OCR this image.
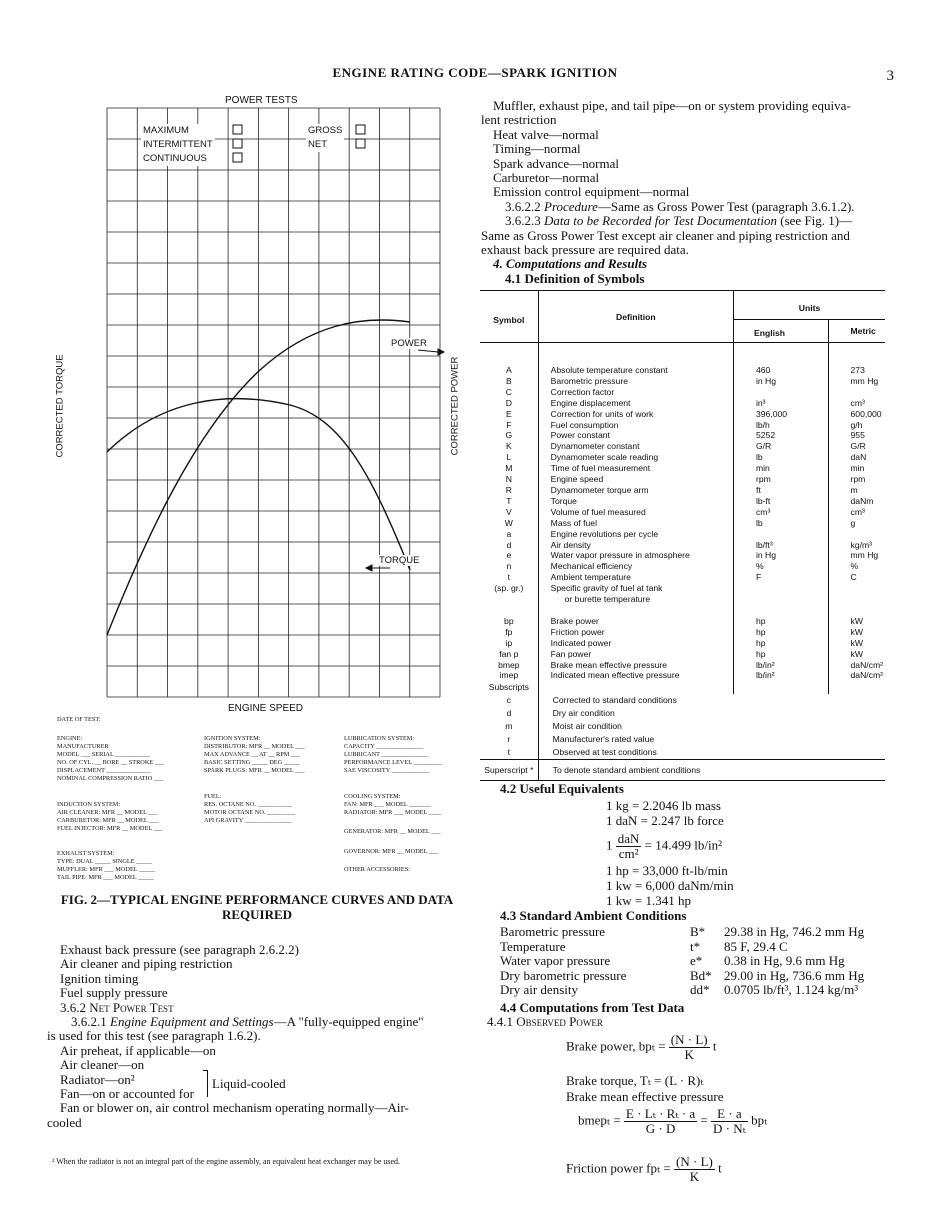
ENGINE RATING CODE—SPARK IGNITION	3
POWER TESTS
MAXIMUM
INTERMITTENT
CONTINUOUS
GROSS
NET
CORRECTED TORQUE	CORRECTED POWER
ENGINE SPEED
POWER
TORQUE
DATE OF TEST:
ENGINE:
MANUFACTURER
MODEL ___ SERIAL ___________
NO. OF CYL. __ BORE __ STROKE ___
DISPLACEMENT ______________
NOMINAL COMPRESSION RATIO ___
IGNITION SYSTEM:
DISTRIBUTOR: MFR __ MODEL ___
MAX ADVANCE __ AT __ RPM ___
BASIC SETTING _____ DEG _____
SPARK PLUGS: MFR __ MODEL ___
LUBRICATION SYSTEM:
CAPACITY _______________
LUBRICANT _______________
PERFORMANCE LEVEL _________
SAE VISCOSITY ____________
FUEL:
RES. OCTANE NO. ___________
MOTOR OCTANE NO. _________
API GRAVITY _______________
INDUCTION SYSTEM:
AIR CLEANER: MFR __ MODEL ___
CARBURETOR: MFR __ MODEL ___
FUEL INJECTOR: MFR __ MODEL ___
COOLING SYSTEM:
FAN: MFR ___ MODEL _______
RADIATOR: MFR ___ MODEL ____
GENERATOR: MFR __ MODEL ___
EXHAUST SYSTEM:
TYPE: DUAL _____ SINGLE _____
MUFFLER: MFR ___ MODEL _____
TAIL PIPE: MFR ___ MODEL _____
GOVERNOR: MFR __ MODEL ___
OTHER ACCESSORIES:
FIG. 2—TYPICAL ENGINE PERFORMANCE CURVES AND DATA
REQUIRED
Exhaust back pressure (see paragraph 2.6.2.2)
Air cleaner and piping restriction
Ignition timing
Fuel supply pressure
3.6.2 Net Power Test
3.6.2.1 Engine Equipment and Settings—A "fully-equipped engine"
is used for this test (see paragraph 1.6.2).
Air preheat, if applicable—on
Air cleaner—on
Radiator—on²
Fan—on or accounted for
Fan or blower on, air control mechanism operating normally—Air-
cooled
Liquid-cooled
² When the radiator is not an integral part of the engine assembly, an equivalent heat exchanger may be used.
Muffler, exhaust pipe, and tail pipe—on or system providing equiva-
lent restriction
Heat valve—normal
Timing—normal
Spark advance—normal
Carburetor—normal
Emission control equipment—normal
3.6.2.2 Procedure—Same as Gross Power Test (paragraph 3.6.1.2).
3.6.2.3 Data to be Recorded for Test Documentation (see Fig. 1)—
Same as Gross Power Test except air cleaner and piping restriction and
exhaust back pressure are required data.
4. Computations and Results
4.1 Definition of Symbols
Symbol	Definition	Units	
		English	Metric

A	Absolute temperature constant	460	273
B	Barometric pressure	in Hg	mm Hg
C	Correction factor		
D	Engine displacement	in³	cm³
E	Correction for units of work	396,000	600,000
F	Fuel consumption	lb/h	g/h
G	Power constant	5252	955
K	Dynamometer constant	G/R	G/R
L	Dynamometer scale reading	lb	daN
M	Time of fuel measurement	min	min
N	Engine speed	rpm	rpm
R	Dynamometer torque arm	ft	m
T	Torque	lb-ft	daNm
V	Volume of fuel measured	cm³	cm³
W	Mass of fuel	lb	g
a	Engine revolutions per cycle		
d	Air density	lb/ft³	kg/m³
e	Water vapor pressure in atmosphere	in Hg	mm Hg
n	Mechanical efficiency	%	%
t	Ambient temperature	F	C
(sp. gr.)	Specific gravity of fuel at tank		
	or burette temperature		

bp	Brake power	hp	kW
fp	Friction power	hp	kW
ip	Indicated power	hp	kW
fan p	Fan power	hp	kW
bmep	Brake mean effective pressure	lb/in²	daN/cm²
imep	Indicated mean effective pressure	lb/in²	daN/cm²
Subscripts			
c	Corrected to standard conditions		
d	Dry air condition		
m	Moist air condition		
r	Manufacturer's rated value		
t	Observed at test conditions		
Superscript *	To denote standard ambient conditions		
4.2 Useful Equivalents
1 kg = 2.2046 lb mass
1 daN = 2.247 lb force
$1 \frac{\text{daN}}{\text{cm²}} = 14.499$ lb/in²
1 hp = 33,000 ft-lb/min
1 kw = 6,000 daNm/min
1 kw = 1.341 hp
4.3 Standard Ambient Conditions
Barometric pressure	B*	29.38 in Hg, 746.2 mm Hg
Temperature	t*	85 F, 29.4 C
Water vapor pressure	e*	0.38 in Hg, 9.6 mm Hg
Dry barometric pressure	Bd* 29.00 in Hg, 736.6 mm Hg
Dry air density	dd*	0.0705 lb/ft³, 1.124 kg/m³
4.4 Computations from Test Data
4.4.1 Observed Power
Brake power, $bp_t = \frac{(N \cdot L)}{K}$ t
Brake torque, Tₜ = (L · R)ₜ
Brake mean effective pressure
bmepₜ = $\frac{\text{E · Lₜ · Rₜ · a}}{G \cdot D} = \frac{E \cdot a}{\text{D · Nₜ}}$ bpₜ
Friction power $fp_t = \frac{(N \cdot L)}{K}$ t
